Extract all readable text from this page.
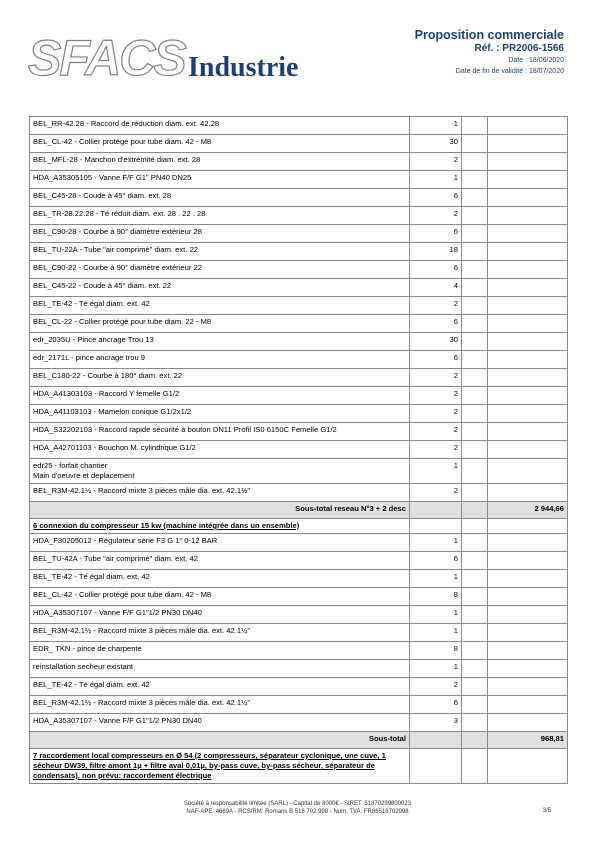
SFACS Industrie
Proposition commerciale
Réf. : PR2006-1566
Date : 18/06/2020
Date de fin de validité : 18/07/2020
BEL_RR-42.28 - Raccord de réduction diam. ext. 42.28	1		
BEL_CL-42 - Collier protégé pour tube diam. 42 - M8	30		
BEL_MFL-28 - Manchon d'extrémité diam. ext. 28	2		
HDA_A35305105 - Vanne F/F G1" PN40 DN25	1		
BEL_C45-28 - Coude à 45° diam. ext. 28	6		
BEL_TR-28.22.28 - Té réduit diam. ext. 28 . 22 . 28	2		
BEL_C90-28 - Courbe à 90° diamètre extérieur 28	6		
BEL_TU-22A - Tube "air comprimé" diam. ext. 22	18		
BEL_C90-22 - Courbe à 90° diamètre extérieur 22	6		
BEL_C45-22 - Coude à 45° diam. ext. 22	4		
BEL_TE-42 - Té égal diam. ext. 42	2		
BEL_CL-22 - Collier protégé pour tube diam. 22 - M8	6		
edr_2035U - Pince ancrage Trou 13	30		
edr_2171L - pince ancrage trou 9	6		
BEL_C180-22 - Courbe à 180° diam. ext. 22	2		
HDA_A41303103 - Raccord Y femelle G1/2	2		
HDA_A41103103 - Mamelon conique G1/2x1/2	2		
HDA_S32202103 - Raccord rapide sécurité à bouton DN11 Profil IS0 6150C Femelle G1/2	2		
HDA_A42701103 - Bouchon M. cylindrique G1/2	2		
edr25 - forfait chantier
Main d'oeuvre et deplacement	1		
BEL_R3M-42.1½ - Raccord mixte 3 pièces mâle dia. ext. 42.1½"	2		
Sous-total reseau N°3 + 2 desc			2 944,66
6 connexion du compresseur 15 kw (machine intégrée dans un ensemble)			
HDA_F30205012 - Régulateur série F3 G 1" 0-12 BAR	1		
BEL_TU-42A - Tube "air comprimé" diam. ext. 42	6		
BEL_TE-42 - Té égal diam. ext. 42	1		
BEL_CL-42 - Collier protégé pour tube diam. 42 - M8	8		
HDA_A35307107 - Vanne F/F G1"1/2 PN30 DN40	1		
BEL_R3M-42.1½ - Raccord mixte 3 pièces mâle dia. ext. 42.1½"	1		
EDR_ TKN - pince de charpente	8		
reinstallation secheur existant	1		
BEL_TE-42 - Té égal diam. ext. 42	2		
BEL_R3M-42.1½ - Raccord mixte 3 pièces mâle dia. ext. 42.1½"	6		
HDA_A35307107 - Vanne F/F G1"1/2 PN30 DN40	3		
Sous-total			968,81
7 raccordement local compresseurs en Ø 54 (2 compresseurs, séparateur cyclonique, une cuve, 1 sécheur DW39, filtre amont 1µ + filtre aval 0,01µ, by-pass cuve, by-pass sécheur, séparateur de condensats), non prévu: raccordement électrique			
Société à responsabilité limitée (SARL) - Capital de 8000€ - SIRET: 51870299800023
NAF-APE: 4669A - RCS/RM: Romans B 518 702 998 - Num. TVA: FR86518702998	3/5
